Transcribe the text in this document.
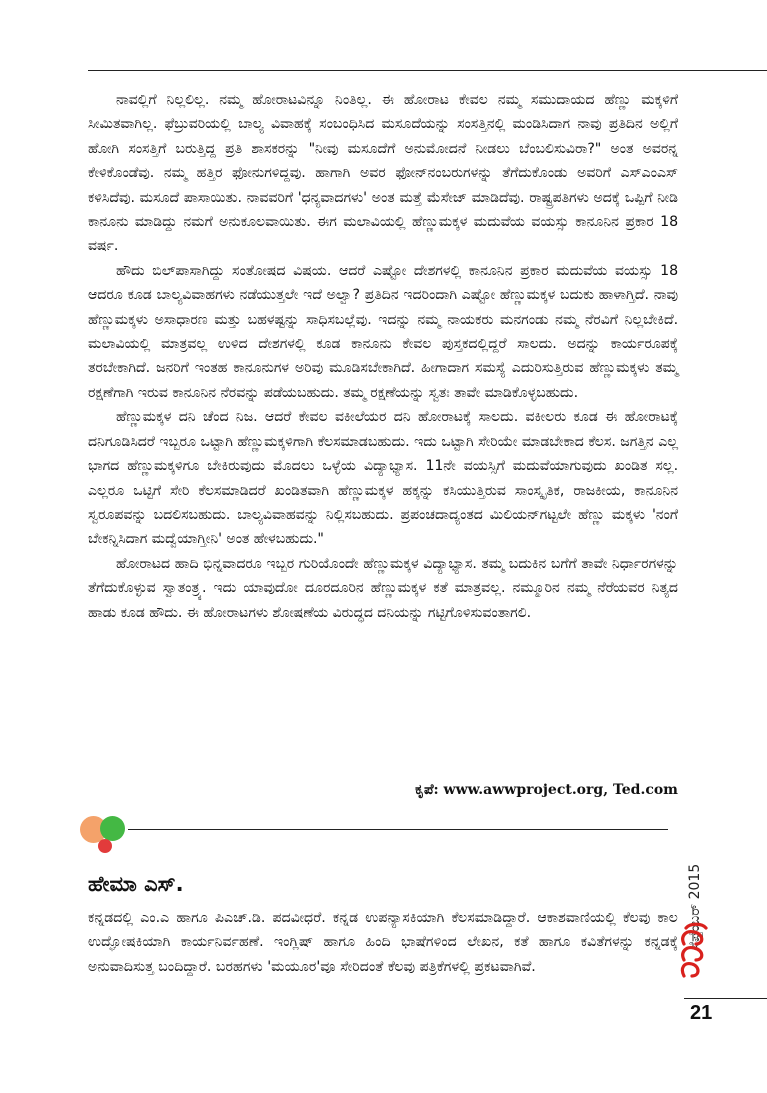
ನಾವಲ್ಲಿಗೆ ನಿಲ್ಲಲಿಲ್ಲ. ನಮ್ಮ ಹೋರಾಟವಿನ್ನೂ ನಿಂತಿಲ್ಲ. ಈ ಹೋರಾಟ ಕೇವಲ ನಮ್ಮ ಸಮುದಾಯದ ಹೆಣ್ಣು ಮಕ್ಕಳಿಗೆ ಸೀಮಿತವಾಗಿಲ್ಲ. ಫೆಬ್ರುವರಿಯಲ್ಲಿ ಬಾಲ್ಯ ವಿವಾಹಕ್ಕೆ ಸಂಬಂಧಿಸಿದ ಮಸೂದೆಯನ್ನು ಸಂಸತ್ತಿನಲ್ಲಿ ಮಂಡಿಸಿದಾಗ ನಾವು ಪ್ರತಿದಿನ ಅಲ್ಲಿಗೆ ಹೋಗಿ ಸಂಸತ್ತಿಗೆ ಬರುತ್ತಿದ್ದ ಪ್ರತಿ ಶಾಸಕರನ್ನು "ನೀವು ಮಸೂದೆಗೆ ಅನುಮೋದನೆ ನೀಡಲು ಬೆಂಬಲಿಸುವಿರಾ?" ಅಂತ ಅವರನ್ನ ಕೇಳಿಕೊಂಡೆವು. ನಮ್ಮ ಹತ್ತಿರ ಫೋನುಗಳಿದ್ದವು. ಹಾಗಾಗಿ ಅವರ ಫೋನ್‌ನಂಬರುಗಳನ್ನು ತೆಗೆದುಕೊಂಡು ಅವರಿಗೆ ಎಸ್‌ಎಂಎಸ್ ಕಳಿಸಿದೆವು. ಮಸೂದೆ ಪಾಸಾಯಿತು. ನಾವವರಿಗೆ 'ಧನ್ಯವಾದಗಳು' ಅಂತ ಮತ್ತೆ ಮೆಸೇಜ್ ಮಾಡಿದೆವು. ರಾಷ್ಟ್ರಪತಿಗಳು ಅದಕ್ಕೆ ಒಪ್ಪಿಗೆ ನೀಡಿ ಕಾನೂನು ಮಾಡಿದ್ದು ನಮಗೆ ಅನುಕೂಲವಾಯಿತು. ಈಗ ಮಲಾವಿಯಲ್ಲಿ ಹೆಣ್ಣುಮಕ್ಕಳ ಮದುವೆಯ ವಯಸ್ಸು ಕಾನೂನಿನ ಪ್ರಕಾರ 18 ವರ್ಷ.

ಹೌದು ಬಿಲ್‌ಪಾಸಾಗಿದ್ದು ಸಂತೋಷದ ವಿಷಯ. ಆದರೆ ಎಷ್ಟೋ ದೇಶಗಳಲ್ಲಿ ಕಾನೂನಿನ ಪ್ರಕಾರ ಮದುವೆಯ ವಯಸ್ಸು 18 ಆದರೂ ಕೂಡ ಬಾಲ್ಯವಿವಾಹಗಳು ನಡೆಯುತ್ತಲೇ ಇದೆ ಅಲ್ವಾ? ಪ್ರತಿದಿನ ಇದರಿಂದಾಗಿ ಎಷ್ಟೋ ಹೆಣ್ಣುಮಕ್ಕಳ ಬದುಕು ಹಾಳಾಗ್ತಿದೆ. ನಾವು ಹೆಣ್ಣುಮಕ್ಕಳು ಅಸಾಧಾರಣ ಮತ್ತು ಬಹಳಷ್ಟನ್ನು ಸಾಧಿಸಬಲ್ಲೆವು. ಇದನ್ನು ನಮ್ಮ ನಾಯಕರು ಮನಗಂಡು ನಮ್ಮ ನೆರವಿಗೆ ನಿಲ್ಲಬೇಕಿದೆ. ಮಲಾವಿಯಲ್ಲಿ ಮಾತ್ರವಲ್ಲ ಉಳಿದ ದೇಶಗಳಲ್ಲಿ ಕೂಡ ಕಾನೂನು ಕೇವಲ ಪುಸ್ತಕದಲ್ಲಿದ್ದರೆ ಸಾಲದು. ಅದನ್ನು ಕಾರ್ಯರೂಪಕ್ಕೆ ತರಬೇಕಾಗಿದೆ. ಜನರಿಗೆ ಇಂತಹ ಕಾನೂನುಗಳ ಅರಿವು ಮೂಡಿಸಬೇಕಾಗಿದೆ. ಹೀಗಾದಾಗ ಸಮಸ್ಯೆ ಎದುರಿಸುತ್ತಿರುವ ಹೆಣ್ಣುಮಕ್ಕಳು ತಮ್ಮ ರಕ್ಷಣೆಗಾಗಿ ಇರುವ ಕಾನೂನಿನ ನೆರವನ್ನು ಪಡೆಯಬಹುದು. ತಮ್ಮ ರಕ್ಷಣೆಯನ್ನು ಸ್ವತಃ ತಾವೇ ಮಾಡಿಕೊಳ್ಳಬಹುದು.

ಹೆಣ್ಣುಮಕ್ಕಳ ದನಿ ಚೆಂದ ನಿಜ. ಆದರೆ ಕೇವಲ ವಕೀಲೆಯರ ದನಿ ಹೋರಾಟಕ್ಕೆ ಸಾಲದು. ವಕೀಲರು ಕೂಡ ಈ ಹೋರಾಟಕ್ಕೆ ದನಿಗೂಡಿಸಿದರೆ ಇಬ್ಬರೂ ಒಟ್ಟಾಗಿ ಹೆಣ್ಣುಮಕ್ಕಳಿಗಾಗಿ ಕೆಲಸಮಾಡಬಹುದು. ಇದು ಒಟ್ಟಾಗಿ ಸೇರಿಯೇ ಮಾಡಬೇಕಾದ ಕೆಲಸ. ಜಗತ್ತಿನ ಎಲ್ಲ ಭಾಗದ ಹೆಣ್ಣುಮಕ್ಕಳಿಗೂ ಬೇಕಿರುವುದು ಮೊದಲು ಒಳ್ಳೆಯ ವಿದ್ಯಾಭ್ಯಾಸ. 11ನೇ ವಯಸ್ಸಿಗೆ ಮದುವೆಯಾಗುವುದು ಖಂಡಿತ ಸಲ್ಲ. ಎಲ್ಲರೂ ಒಟ್ಟಿಗೆ ಸೇರಿ ಕೆಲಸಮಾಡಿದರೆ ಖಂಡಿತವಾಗಿ ಹೆಣ್ಣುಮಕ್ಕಳ ಹಕ್ಕನ್ನು ಕಸಿಯುತ್ತಿರುವ ಸಾಂಸ್ಕೃತಿಕ, ರಾಜಕೀಯ, ಕಾನೂನಿನ ಸ್ವರೂಪವನ್ನು ಬದಲಿಸಬಹುದು. ಬಾಲ್ಯವಿವಾಹವನ್ನು ನಿಲ್ಲಿಸಬಹುದು. ಪ್ರಪಂಚದಾದ್ಯಂತದ ಮಿಲಿಯನ್‌ಗಟ್ಟಲೇ ಹೆಣ್ಣು ಮಕ್ಕಳು 'ನಂಗೆ ಬೇಕನ್ನಿಸಿದಾಗ ಮದ್ವೆಯಾಗ್ತೀನಿ' ಅಂತ ಹೇಳಬಹುದು."

ಹೋರಾಟದ ಹಾದಿ ಭಿನ್ನವಾದರೂ ಇಬ್ಬರ ಗುರಿಯೊಂದೇ ಹೆಣ್ಣುಮಕ್ಕಳ ವಿದ್ಯಾಭ್ಯಾಸ. ತಮ್ಮ ಬದುಕಿನ ಬಗೆಗೆ ತಾವೇ ನಿರ್ಧಾರಗಳನ್ನು ತೆಗೆದುಕೊಳ್ಳುವ ಸ್ವಾತಂತ್ರ್ಯ. ಇದು ಯಾವುದೋ ದೂರದೂರಿನ ಹೆಣ್ಣುಮಕ್ಕಳ ಕತೆ ಮಾತ್ರವಲ್ಲ. ನಮ್ಮೂರಿನ ನಮ್ಮ ನೆರೆಯವರ ನಿತ್ಯದ ಹಾಡು ಕೂಡ ಹೌದು. ಈ ಹೋರಾಟಗಳು ಶೋಷಣೆಯ ವಿರುದ್ಧದ ದನಿಯನ್ನು ಗಟ್ಟಿಗೊಳಿಸುವಂತಾಗಲಿ.

ಕೃಪೆ: www.awwproject.org, Ted.com
ಹೇಮಾ ಎಸ್.

ಕನ್ನಡದಲ್ಲಿ ಎಂ.ಎ ಹಾಗೂ ಪಿಎಚ್.ಡಿ. ಪದವೀಧರೆ. ಕನ್ನಡ ಉಪನ್ಯಾಸಕಿಯಾಗಿ ಕೆಲಸಮಾಡಿದ್ದಾರೆ. ಆಕಾಶವಾಣಿಯಲ್ಲಿ ಕೆಲವು ಕಾಲ ಉದ್ಘೋಷಕಿಯಾಗಿ ಕಾರ್ಯನಿರ್ವಹಣೆ. ಇಂಗ್ಲಿಷ್ ಹಾಗೂ ಹಿಂದಿ ಭಾಷೆಗಳಿಂದ ಲೇಖನ, ಕತೆ ಹಾಗೂ ಕವಿತೆಗಳನ್ನು ಕನ್ನಡಕ್ಕೆ ಅನುವಾದಿಸುತ್ತ ಬಂದಿದ್ದಾರೆ. ಬರಹಗಳು 'ಮಯೂರ'ವೂ ಸೇರಿದಂತೆ ಕೆಲವು ಪತ್ರಿಕೆಗಳಲ್ಲಿ ಪ್ರಕಟವಾಗಿವೆ.

ಸೆಪ್ಟೆಂಬರ್ 2015
21
